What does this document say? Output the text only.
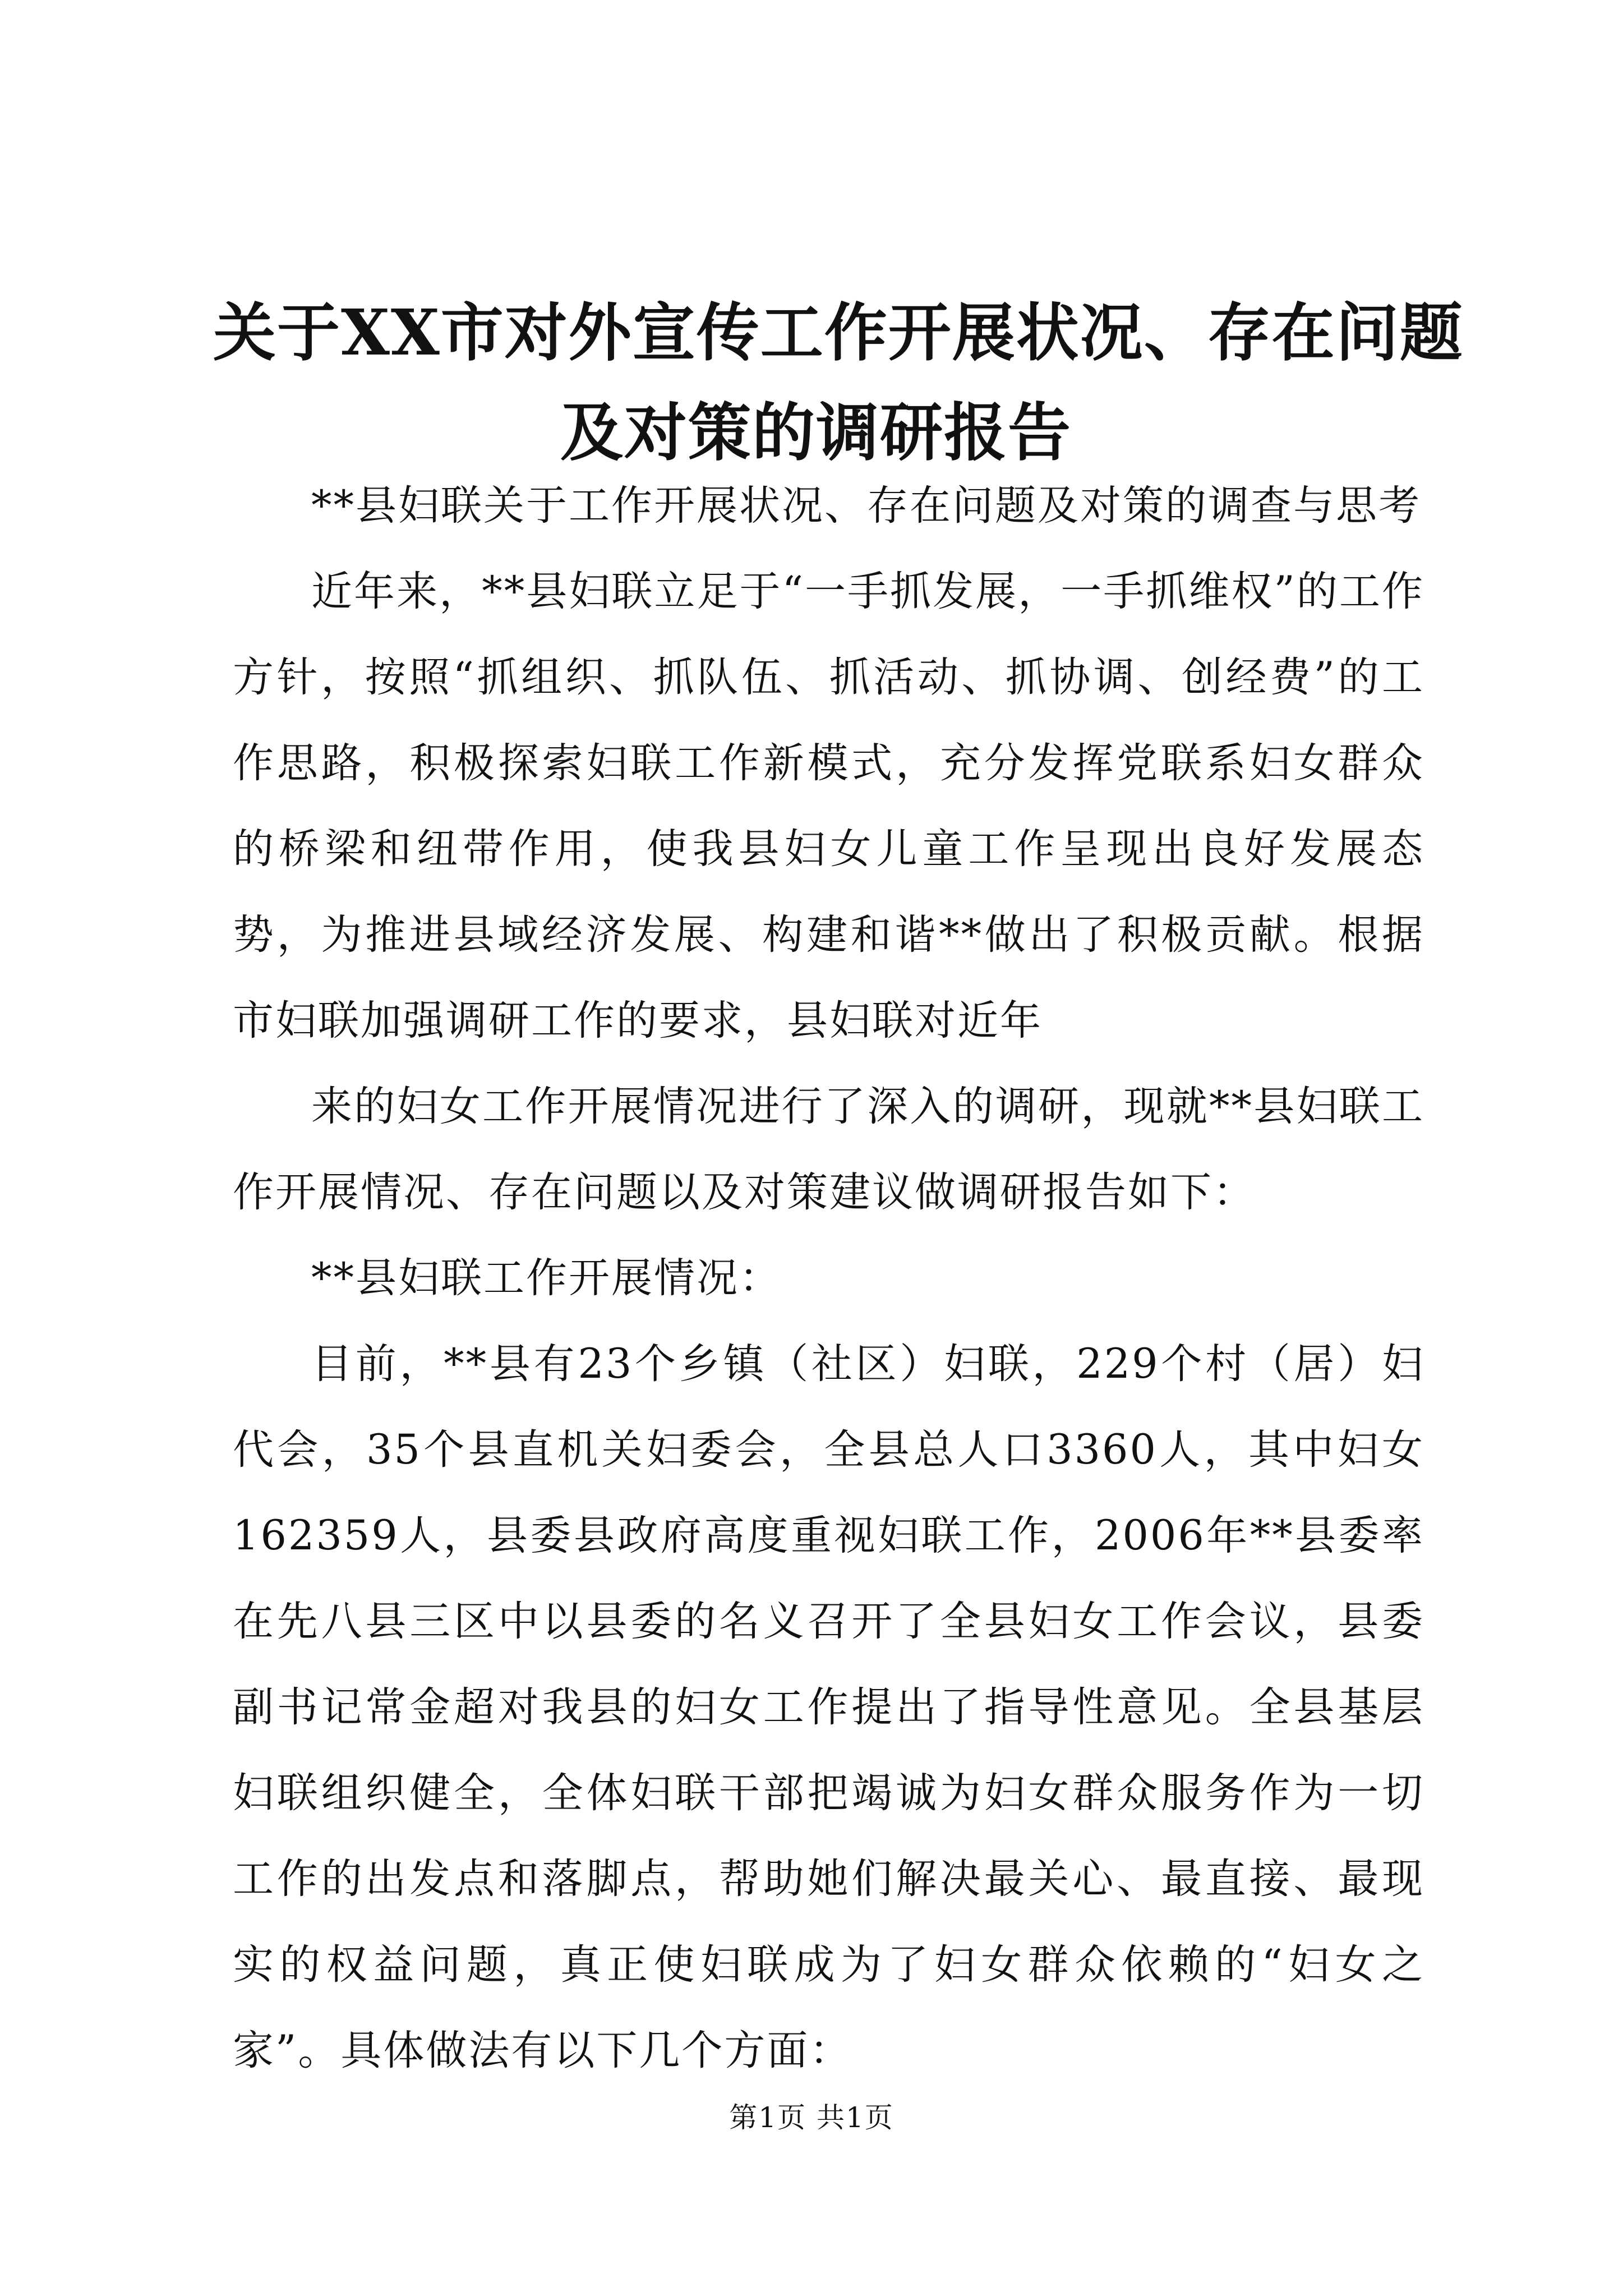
关于XX市对外宣传工作开展状况、存在问题
及对策的调研报告

**县妇联关于工作开展状况、存在问题及对策的调查与思考

近年来，**县妇联立足于“一手抓发展，一手抓维权”的工作方针，按照“抓组织、抓队伍、抓活动、抓协调、创经费”的工作思路，积极探索妇联工作新模式，充分发挥党联系妇女群众的桥梁和纽带作用，使我县妇女儿童工作呈现出良好发展态势，为推进县域经济发展、构建和谐**做出了积极贡献。根据市妇联加强调研工作的要求，县妇联对近年

来的妇女工作开展情况进行了深入的调研，现就**县妇联工作开展情况、存在问题以及对策建议做调研报告如下：

**县妇联工作开展情况：

目前，**县有23个乡镇（社区）妇联，229个村（居）妇代会，35个县直机关妇委会，全县总人口3360人，其中妇女162359人，县委县政府高度重视妇联工作，2006年**县委率在先八县三区中以县委的名义召开了全县妇女工作会议，县委副书记常金超对我县的妇女工作提出了指导性意见。全县基层妇联组织健全，全体妇联干部把竭诚为妇女群众服务作为一切工作的出发点和落脚点，帮助她们解决最关心、最直接、最现实的权益问题，真正使妇联成为了妇女群众依赖的“妇女之家”。具体做法有以下几个方面：

第1页 共1页
